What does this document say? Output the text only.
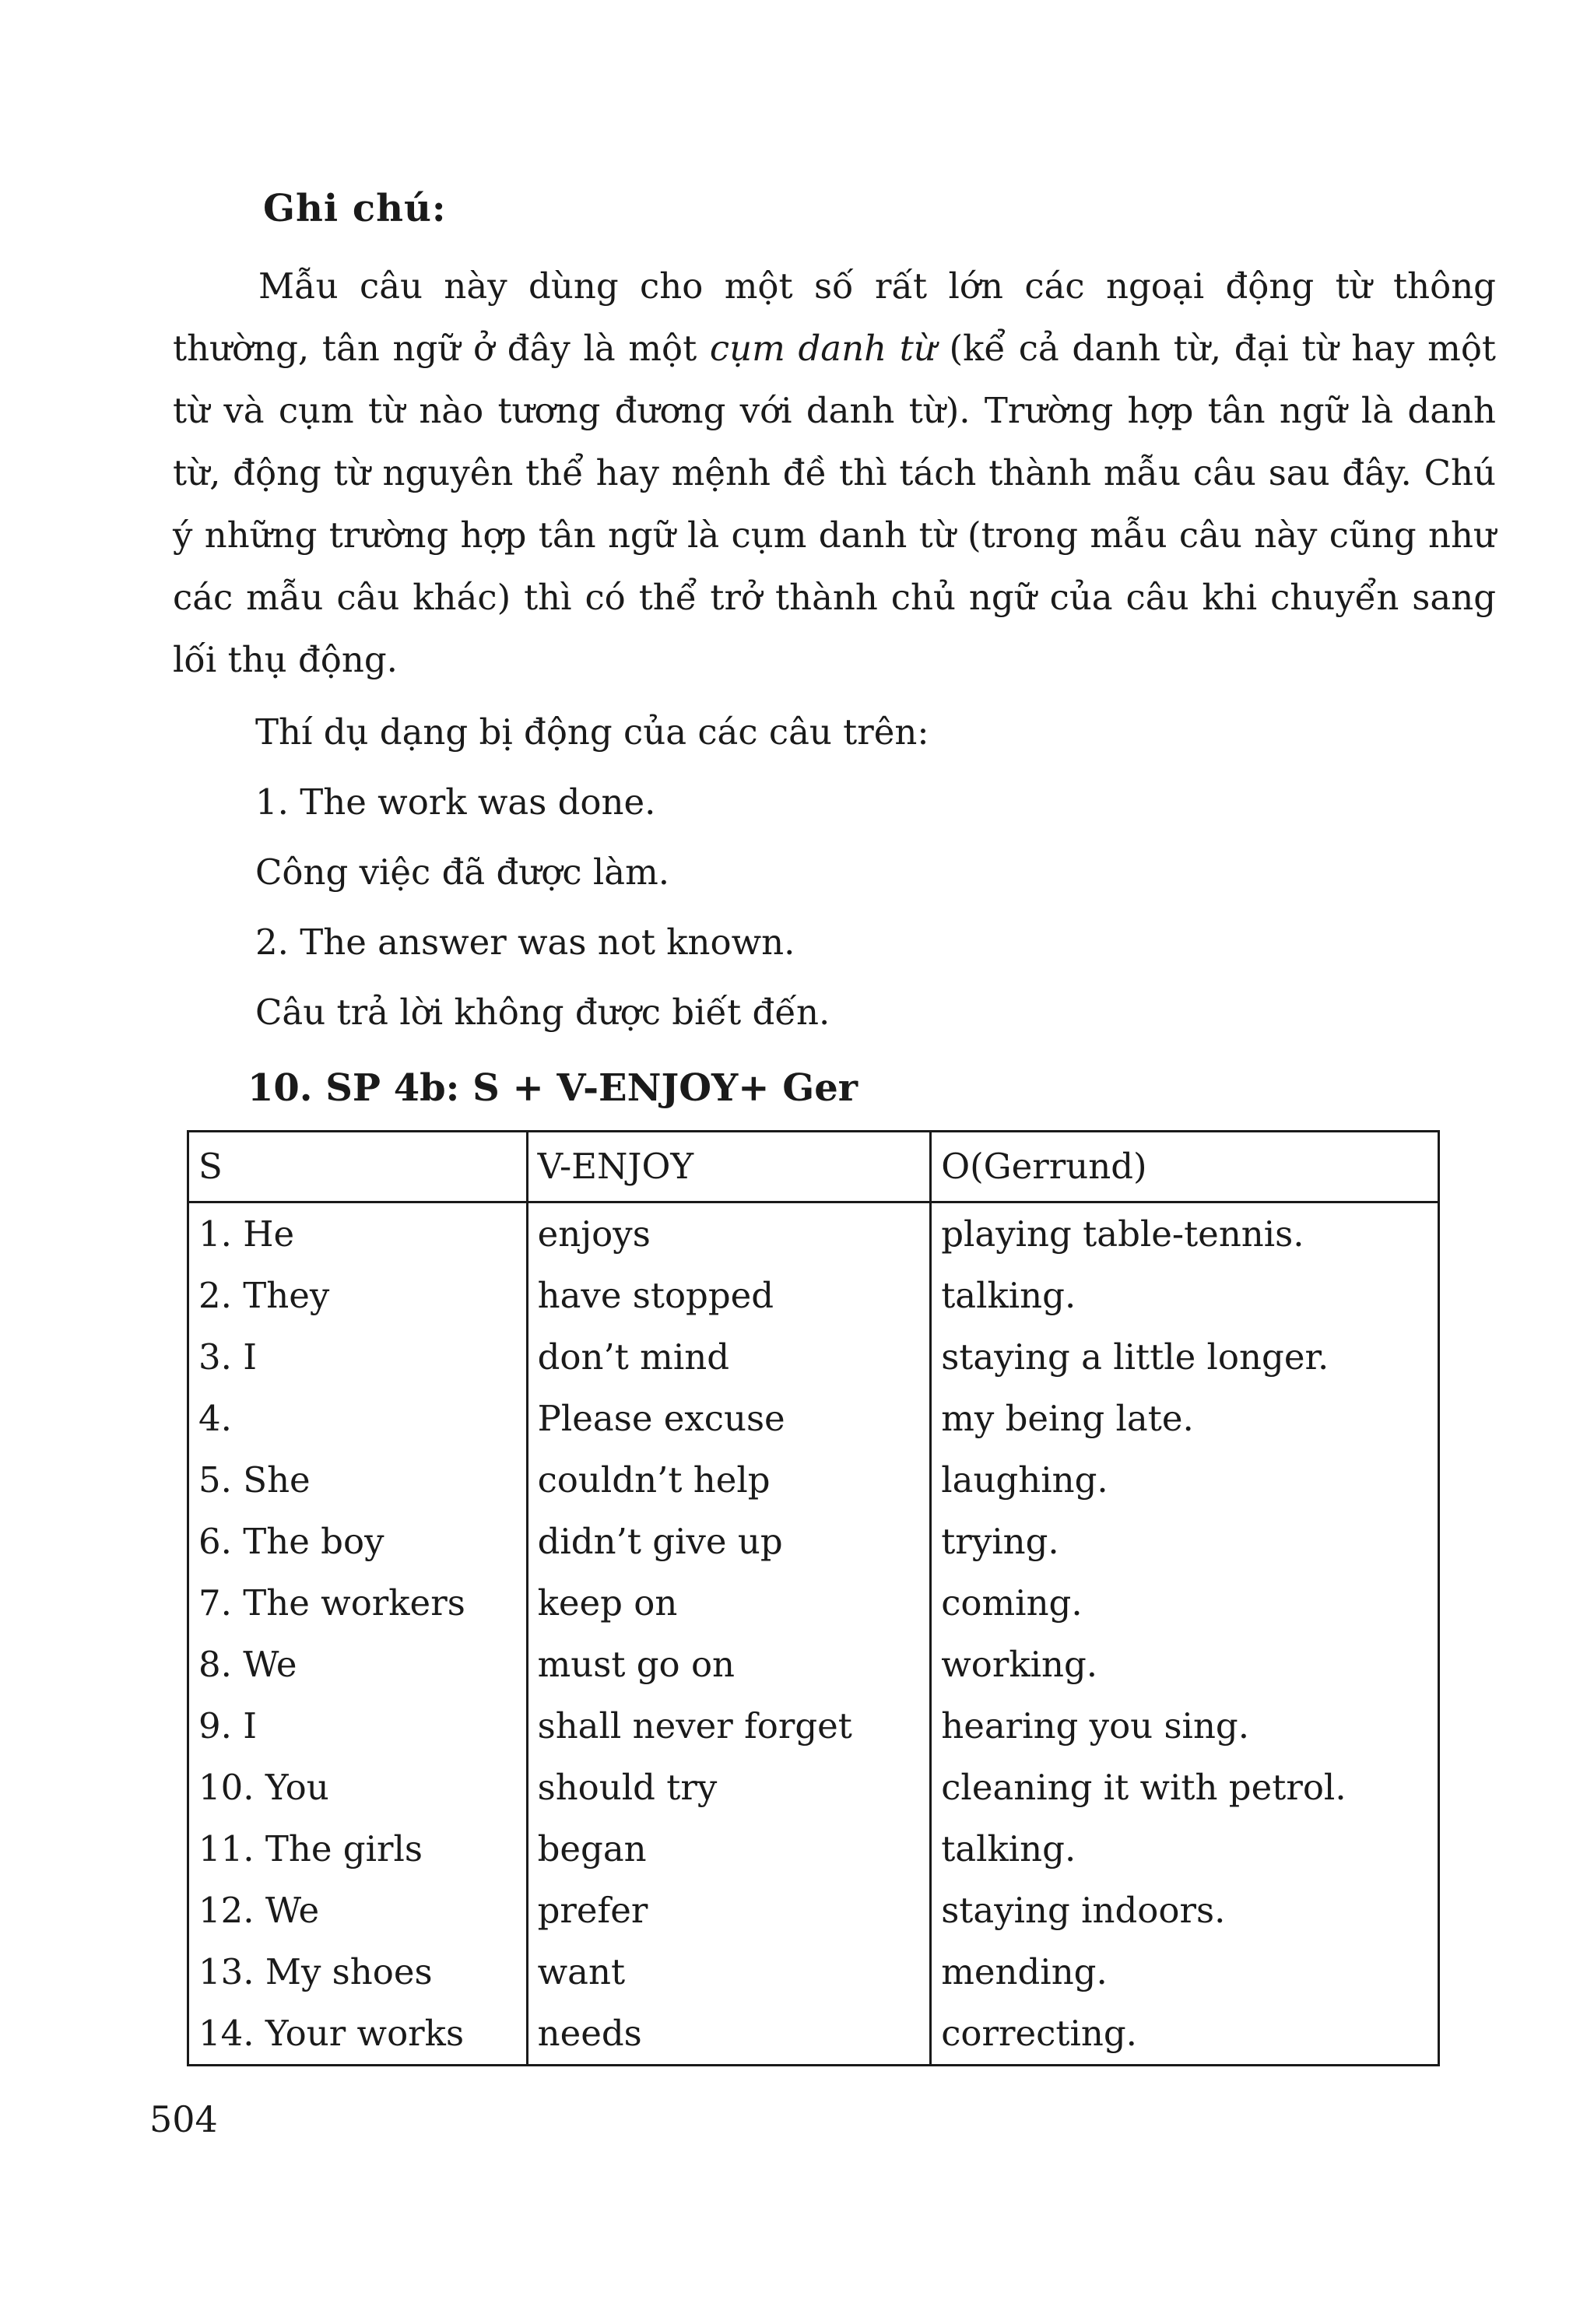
Ghi chú:

Mẫu câu này dùng cho một số rất lớn các ngoại động từ thông thường, tân ngữ ở đây là một cụm danh từ (kể cả danh từ, đại từ hay một từ và cụm từ nào tương đương với danh từ). Trường hợp tân ngữ là danh từ, động từ nguyên thể hay mệnh đề thì tách thành mẫu câu sau đây. Chú ý những trường hợp tân ngữ là cụm danh từ (trong mẫu câu này cũng như các mẫu câu khác) thì có thể trở thành chủ ngữ của câu khi chuyển sang lối thụ động.

Thí dụ dạng bị động của các câu trên:
1. The work was done.
Công việc đã được làm.
2. The answer was not known.
Câu trả lời không được biết đến.
10. SP 4b: S + V-ENJOY+ Ger
S	V-ENJOY	O(Gerrund)
1. He	enjoys	playing table-tennis.
2. They	have stopped	talking.
3. I	don’t mind	staying a little longer.
4.	Please excuse	my being late.
5. She	couldn’t help	laughing.
6. The boy	didn’t give up	trying.
7. The workers	keep on	coming.
8. We	must go on	working.
9. I	shall never forget	hearing you sing.
10. You	should try	cleaning it with petrol.
11. The girls	began	talking.
12. We	prefer	staying indoors.
13. My shoes	want	mending.
14. Your works	needs	correcting.
504
